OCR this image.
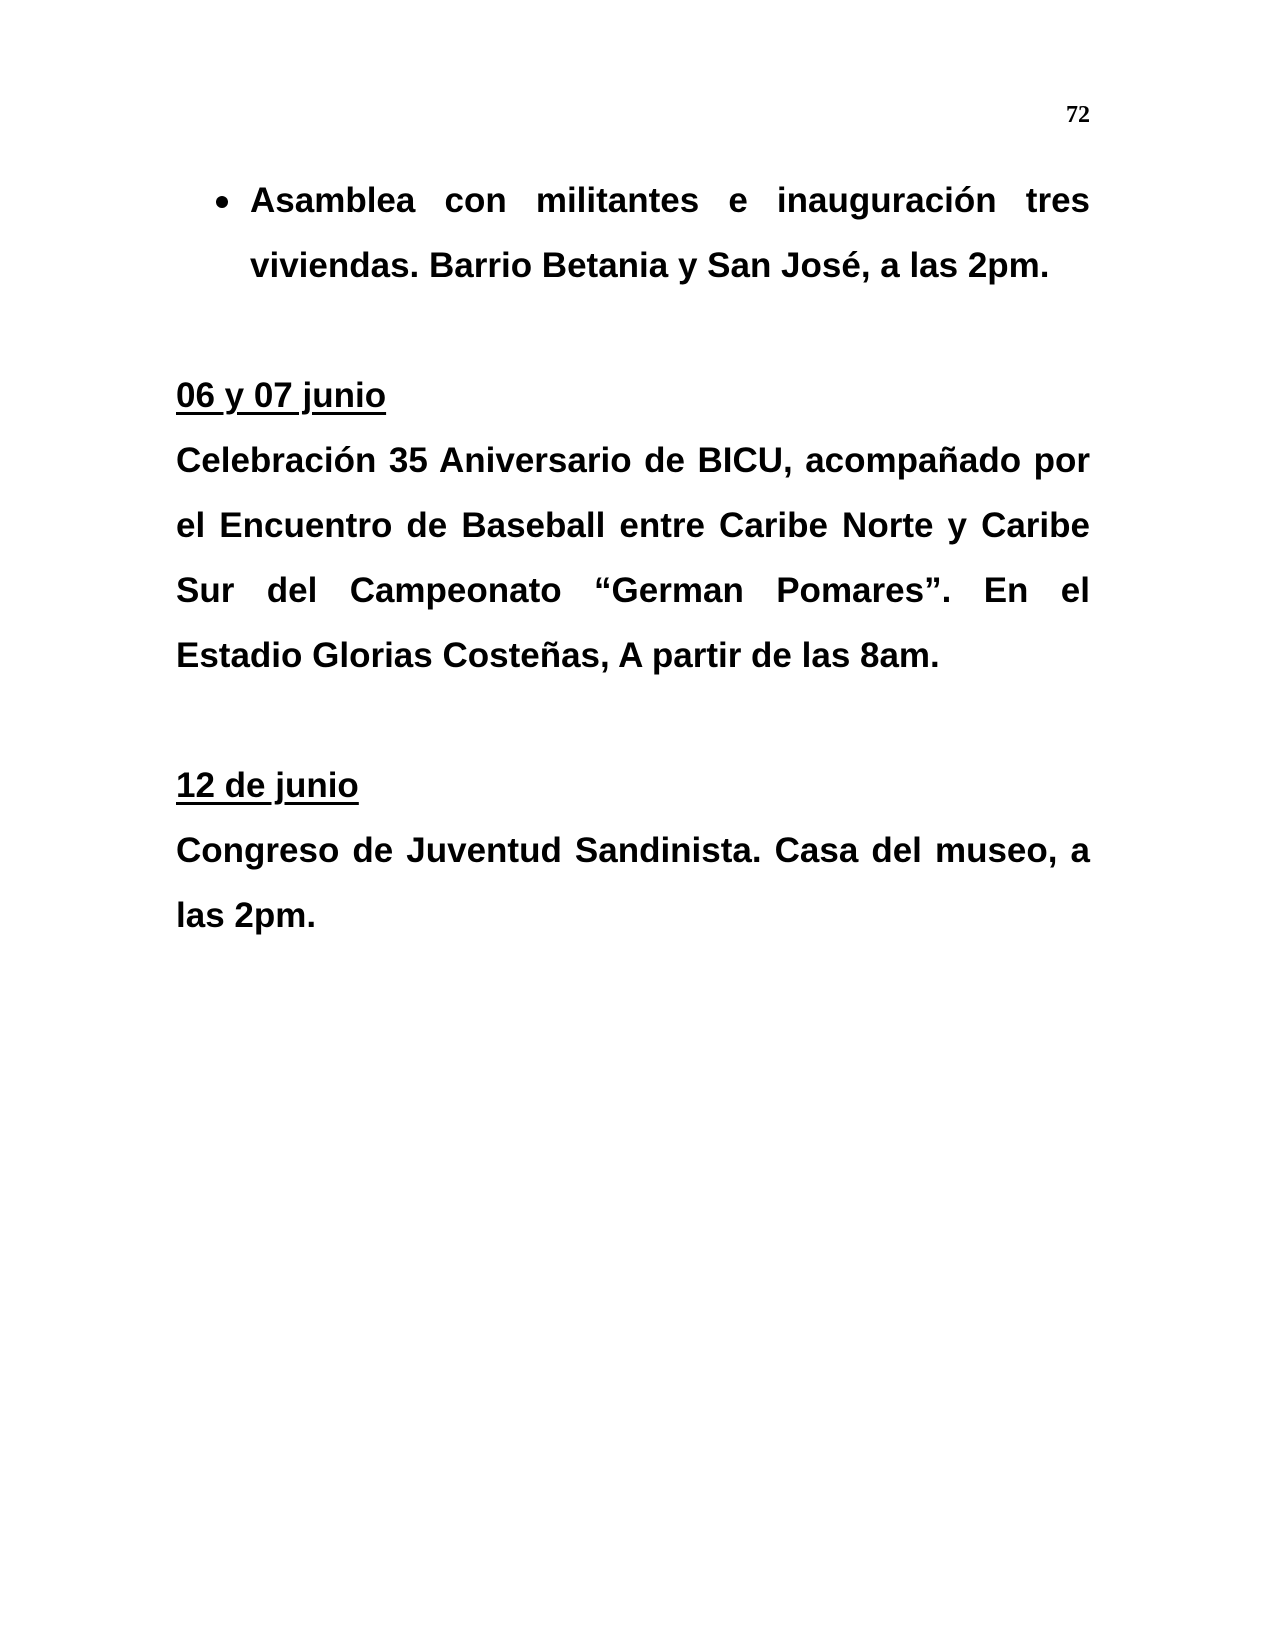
72
Asamblea con militantes e inauguración tres viviendas. Barrio Betania y San José, a las 2pm.
06 y 07 junio
Celebración 35 Aniversario de BICU, acompañado por el Encuentro de Baseball entre Caribe Norte y Caribe Sur del Campeonato “German Pomares”. En el Estadio Glorias Costeñas, A partir de las 8am.
12 de junio
Congreso de Juventud Sandinista. Casa del museo, a las 2pm.
